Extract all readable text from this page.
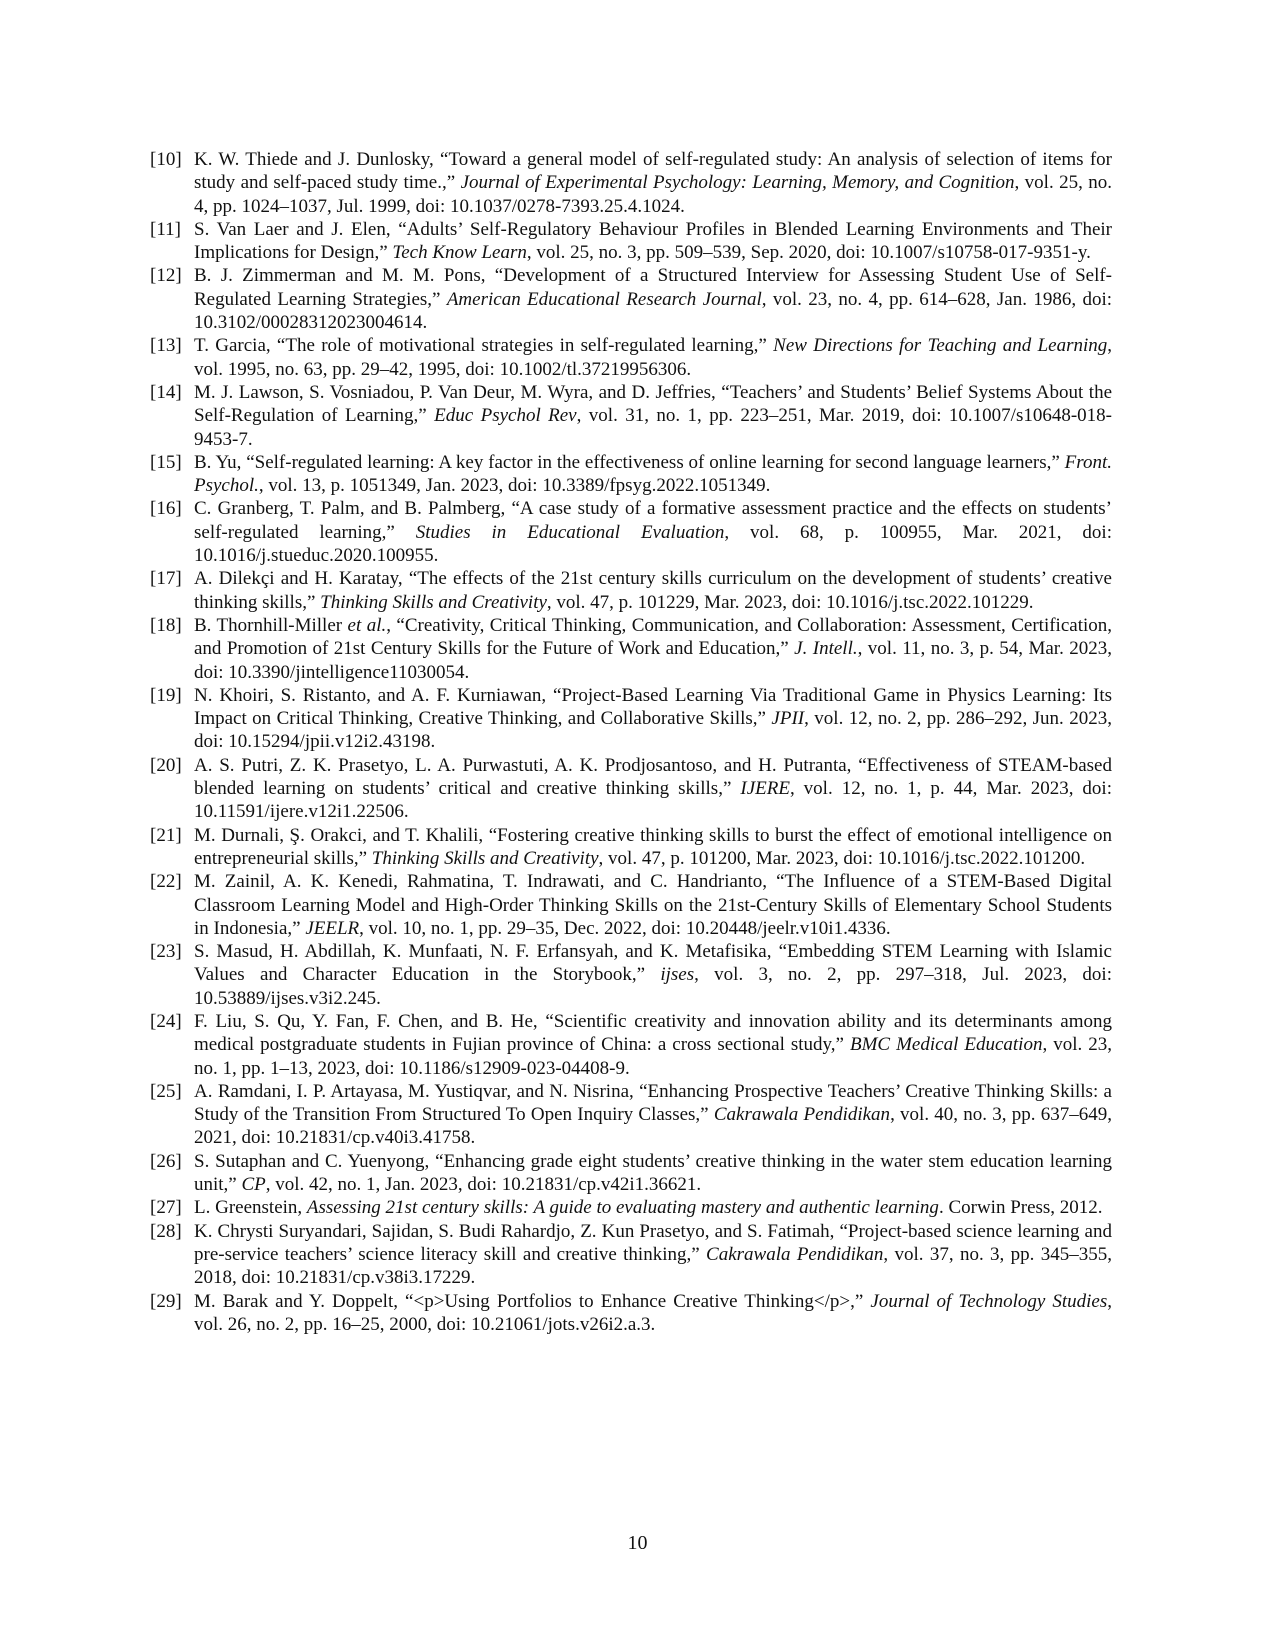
[10] K. W. Thiede and J. Dunlosky, “Toward a general model of self-regulated study: An analysis of selection of items for study and self-paced study time.,” Journal of Experimental Psychology: Learning, Memory, and Cognition, vol. 25, no. 4, pp. 1024–1037, Jul. 1999, doi: 10.1037/0278-7393.25.4.1024.
[11] S. Van Laer and J. Elen, “Adults’ Self-Regulatory Behaviour Profiles in Blended Learning Environments and Their Implications for Design,” Tech Know Learn, vol. 25, no. 3, pp. 509–539, Sep. 2020, doi: 10.1007/s10758-017-9351-y.
[12] B. J. Zimmerman and M. M. Pons, “Development of a Structured Interview for Assessing Student Use of Self-Regulated Learning Strategies,” American Educational Research Journal, vol. 23, no. 4, pp. 614–628, Jan. 1986, doi: 10.3102/00028312023004614.
[13] T. Garcia, “The role of motivational strategies in self-regulated learning,” New Directions for Teaching and Learning, vol. 1995, no. 63, pp. 29–42, 1995, doi: 10.1002/tl.37219956306.
[14] M. J. Lawson, S. Vosniadou, P. Van Deur, M. Wyra, and D. Jeffries, “Teachers’ and Students’ Belief Systems About the Self-Regulation of Learning,” Educ Psychol Rev, vol. 31, no. 1, pp. 223–251, Mar. 2019, doi: 10.1007/s10648-018-9453-7.
[15] B. Yu, “Self-regulated learning: A key factor in the effectiveness of online learning for second language learners,” Front. Psychol., vol. 13, p. 1051349, Jan. 2023, doi: 10.3389/fpsyg.2022.1051349.
[16] C. Granberg, T. Palm, and B. Palmberg, “A case study of a formative assessment practice and the effects on students’ self-regulated learning,” Studies in Educational Evaluation, vol. 68, p. 100955, Mar. 2021, doi: 10.1016/j.stueduc.2020.100955.
[17] A. Dilekçi and H. Karatay, “The effects of the 21st century skills curriculum on the development of students’ creative thinking skills,” Thinking Skills and Creativity, vol. 47, p. 101229, Mar. 2023, doi: 10.1016/j.tsc.2022.101229.
[18] B. Thornhill-Miller et al., “Creativity, Critical Thinking, Communication, and Collaboration: Assessment, Certification, and Promotion of 21st Century Skills for the Future of Work and Education,” J. Intell., vol. 11, no. 3, p. 54, Mar. 2023, doi: 10.3390/jintelligence11030054.
[19] N. Khoiri, S. Ristanto, and A. F. Kurniawan, “Project-Based Learning Via Traditional Game in Physics Learning: Its Impact on Critical Thinking, Creative Thinking, and Collaborative Skills,” JPII, vol. 12, no. 2, pp. 286–292, Jun. 2023, doi: 10.15294/jpii.v12i2.43198.
[20] A. S. Putri, Z. K. Prasetyo, L. A. Purwastuti, A. K. Prodjosantoso, and H. Putranta, “Effectiveness of STEAM-based blended learning on students’ critical and creative thinking skills,” IJERE, vol. 12, no. 1, p. 44, Mar. 2023, doi: 10.11591/ijere.v12i1.22506.
[21] M. Durnali, Ş. Orakci, and T. Khalili, “Fostering creative thinking skills to burst the effect of emotional intelligence on entrepreneurial skills,” Thinking Skills and Creativity, vol. 47, p. 101200, Mar. 2023, doi: 10.1016/j.tsc.2022.101200.
[22] M. Zainil, A. K. Kenedi, Rahmatina, T. Indrawati, and C. Handrianto, “The Influence of a STEM-Based Digital Classroom Learning Model and High-Order Thinking Skills on the 21st-Century Skills of Elementary School Students in Indonesia,” JEELR, vol. 10, no. 1, pp. 29–35, Dec. 2022, doi: 10.20448/jeelr.v10i1.4336.
[23] S. Masud, H. Abdillah, K. Munfaati, N. F. Erfansyah, and K. Metafisika, “Embedding STEM Learning with Islamic Values and Character Education in the Storybook,” ijses, vol. 3, no. 2, pp. 297–318, Jul. 2023, doi: 10.53889/ijses.v3i2.245.
[24] F. Liu, S. Qu, Y. Fan, F. Chen, and B. He, “Scientific creativity and innovation ability and its determinants among medical postgraduate students in Fujian province of China: a cross sectional study,” BMC Medical Education, vol. 23, no. 1, pp. 1–13, 2023, doi: 10.1186/s12909-023-04408-9.
[25] A. Ramdani, I. P. Artayasa, M. Yustiqvar, and N. Nisrina, “Enhancing Prospective Teachers’ Creative Thinking Skills: a Study of the Transition From Structured To Open Inquiry Classes,” Cakrawala Pendidikan, vol. 40, no. 3, pp. 637–649, 2021, doi: 10.21831/cp.v40i3.41758.
[26] S. Sutaphan and C. Yuenyong, “Enhancing grade eight students’ creative thinking in the water stem education learning unit,” CP, vol. 42, no. 1, Jan. 2023, doi: 10.21831/cp.v42i1.36621.
[27] L. Greenstein, Assessing 21st century skills: A guide to evaluating mastery and authentic learning. Corwin Press, 2012.
[28] K. Chrysti Suryandari, Sajidan, S. Budi Rahardjo, Z. Kun Prasetyo, and S. Fatimah, “Project-based science learning and pre-service teachers’ science literacy skill and creative thinking,” Cakrawala Pendidikan, vol. 37, no. 3, pp. 345–355, 2018, doi: 10.21831/cp.v38i3.17229.
[29] M. Barak and Y. Doppelt, “<p>Using Portfolios to Enhance Creative Thinking</p>,” Journal of Technology Studies, vol. 26, no. 2, pp. 16–25, 2000, doi: 10.21061/jots.v26i2.a.3.
10
